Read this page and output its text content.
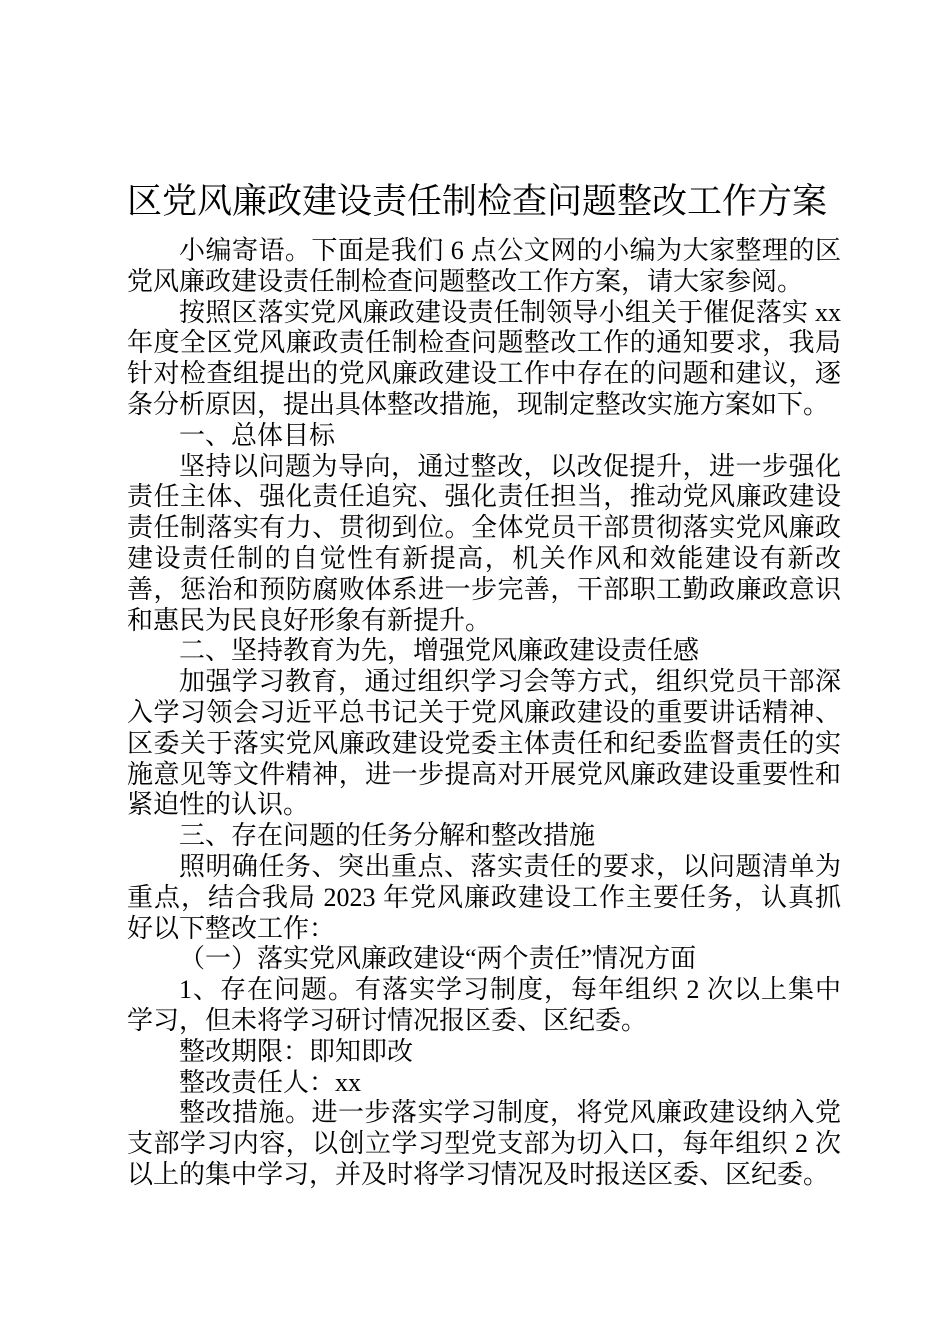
区党风廉政建设责任制检查问题整改工作方案

小编寄语。下面是我们 6 点公文网的小编为大家整理的区党风廉政建设责任制检查问题整改工作方案，请大家参阅。

按照区落实党风廉政建设责任制领导小组关于催促落实 xx 年度全区党风廉政责任制检查问题整改工作的通知要求，我局针对检查组提出的党风廉政建设工作中存在的问题和建议，逐条分析原因，提出具体整改措施，现制定整改实施方案如下。

一、总体目标

坚持以问题为导向，通过整改，以改促提升，进一步强化责任主体、强化责任追究、强化责任担当，推动党风廉政建设责任制落实有力、贯彻到位。全体党员干部贯彻落实党风廉政建设责任制的自觉性有新提高，机关作风和效能建设有新改善，惩治和预防腐败体系进一步完善，干部职工勤政廉政意识和惠民为民良好形象有新提升。

二、坚持教育为先，增强党风廉政建设责任感

加强学习教育，通过组织学习会等方式，组织党员干部深入学习领会习近平总书记关于党风廉政建设的重要讲话精神、区委关于落实党风廉政建设党委主体责任和纪委监督责任的实施意见等文件精神，进一步提高对开展党风廉政建设重要性和紧迫性的认识。

三、存在问题的任务分解和整改措施

照明确任务、突出重点、落实责任的要求，以问题清单为重点，结合我局 2023 年党风廉政建设工作主要任务，认真抓好以下整改工作：

（一）落实党风廉政建设“两个责任”情况方面

1、存在问题。有落实学习制度，每年组织 2 次以上集中学习，但未将学习研讨情况报区委、区纪委。

整改期限：即知即改

整改责任人：xx

整改措施。进一步落实学习制度，将党风廉政建设纳入党支部学习内容，以创立学习型党支部为切入口，每年组织 2 次以上的集中学习，并及时将学习情况及时报送区委、区纪委。
